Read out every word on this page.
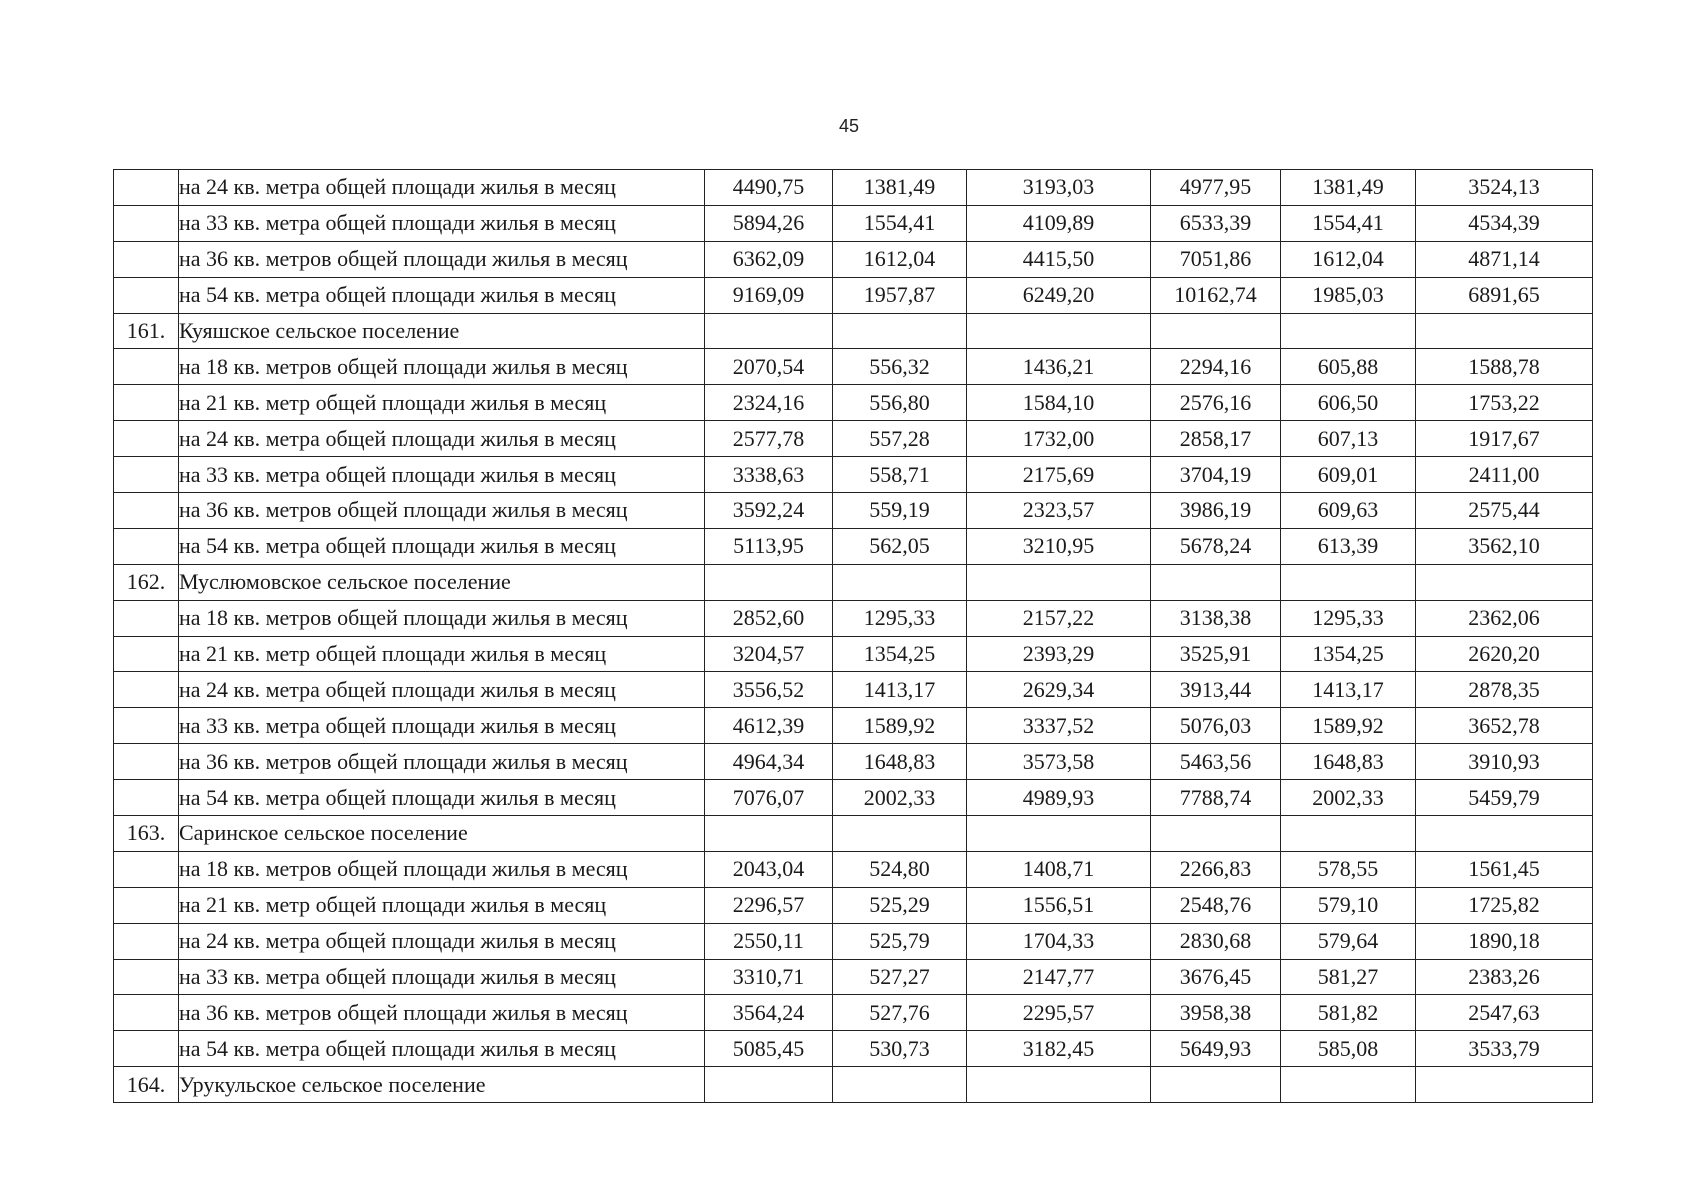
45
	на 24 кв. метра общей площади жилья в месяц	4490,75	1381,49	3193,03	4977,95	1381,49	3524,13
	на 33 кв. метра общей площади жилья в месяц	5894,26	1554,41	4109,89	6533,39	1554,41	4534,39
	на 36 кв. метров общей площади жилья в месяц	6362,09	1612,04	4415,50	7051,86	1612,04	4871,14
	на 54 кв. метра общей площади жилья в месяц	9169,09	1957,87	6249,20	10162,74	1985,03	6891,65
161.	Куяшское сельское поселение						
	на 18 кв. метров общей площади жилья в месяц	2070,54	556,32	1436,21	2294,16	605,88	1588,78
	на 21 кв. метр общей площади жилья в месяц	2324,16	556,80	1584,10	2576,16	606,50	1753,22
	на 24 кв. метра общей площади жилья в месяц	2577,78	557,28	1732,00	2858,17	607,13	1917,67
	на 33 кв. метра общей площади жилья в месяц	3338,63	558,71	2175,69	3704,19	609,01	2411,00
	на 36 кв. метров общей площади жилья в месяц	3592,24	559,19	2323,57	3986,19	609,63	2575,44
	на 54 кв. метра общей площади жилья в месяц	5113,95	562,05	3210,95	5678,24	613,39	3562,10
162.	Муслюмовское сельское поселение						
	на 18 кв. метров общей площади жилья в месяц	2852,60	1295,33	2157,22	3138,38	1295,33	2362,06
	на 21 кв. метр общей площади жилья в месяц	3204,57	1354,25	2393,29	3525,91	1354,25	2620,20
	на 24 кв. метра общей площади жилья в месяц	3556,52	1413,17	2629,34	3913,44	1413,17	2878,35
	на 33 кв. метра общей площади жилья в месяц	4612,39	1589,92	3337,52	5076,03	1589,92	3652,78
	на 36 кв. метров общей площади жилья в месяц	4964,34	1648,83	3573,58	5463,56	1648,83	3910,93
	на 54 кв. метра общей площади жилья в месяц	7076,07	2002,33	4989,93	7788,74	2002,33	5459,79
163.	Саринское сельское поселение						
	на 18 кв. метров общей площади жилья в месяц	2043,04	524,80	1408,71	2266,83	578,55	1561,45
	на 21 кв. метр общей площади жилья в месяц	2296,57	525,29	1556,51	2548,76	579,10	1725,82
	на 24 кв. метра общей площади жилья в месяц	2550,11	525,79	1704,33	2830,68	579,64	1890,18
	на 33 кв. метра общей площади жилья в месяц	3310,71	527,27	2147,77	3676,45	581,27	2383,26
	на 36 кв. метров общей площади жилья в месяц	3564,24	527,76	2295,57	3958,38	581,82	2547,63
	на 54 кв. метра общей площади жилья в месяц	5085,45	530,73	3182,45	5649,93	585,08	3533,79
164.	Урукульское сельское поселение						
